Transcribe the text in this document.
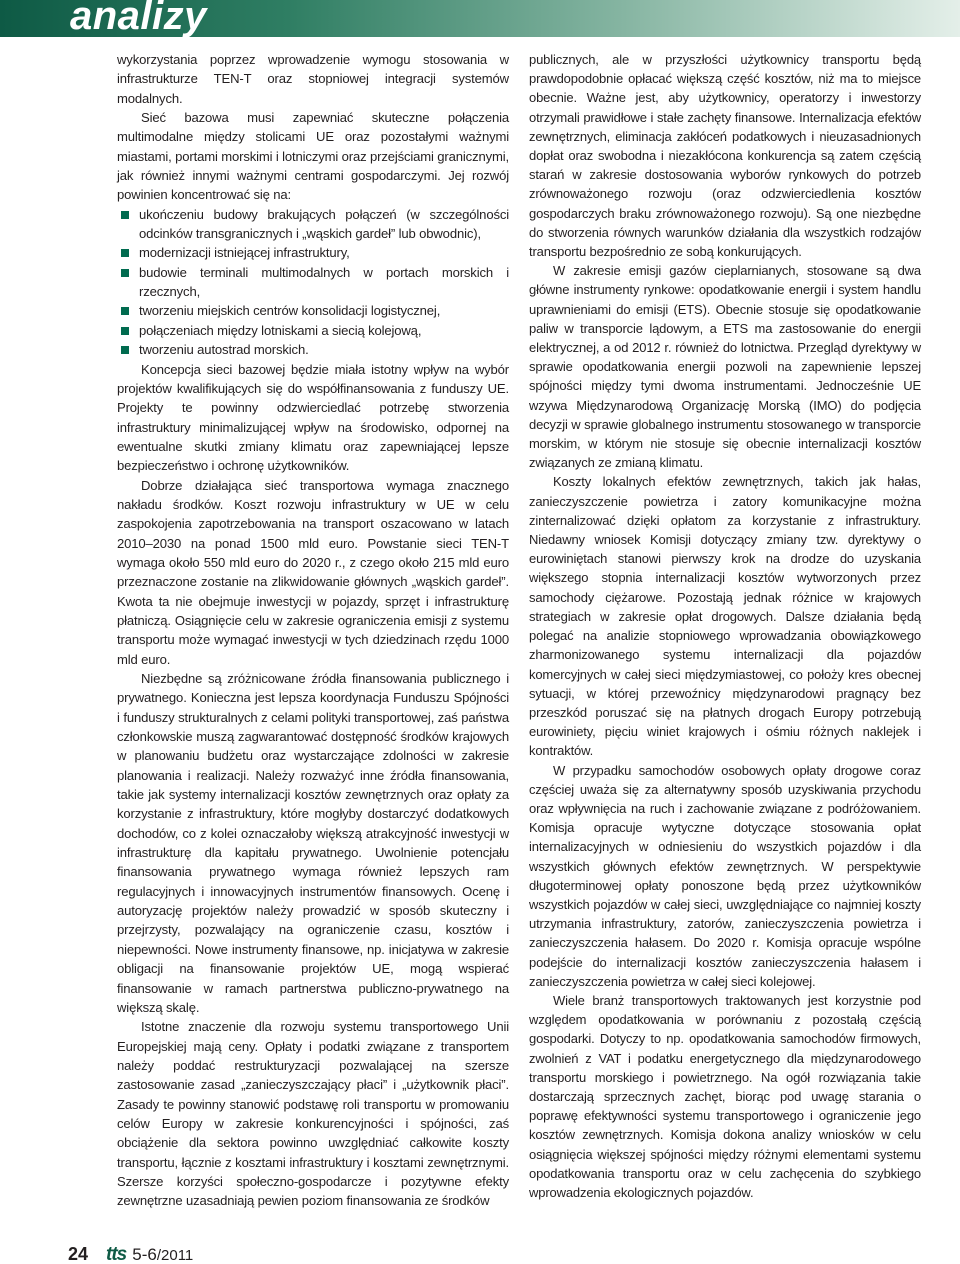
analizy

wykorzystania poprzez wprowadzenie wymogu stosowania w infrastrukturze TEN-T oraz stopniowej integracji systemów modalnych.

Sieć bazowa musi zapewniać skuteczne połączenia multimodalne między stolicami UE oraz pozostałymi ważnymi miastami, portami morskimi i lotniczymi oraz przejściami granicznymi, jak również innymi ważnymi centrami gospodarczymi. Jej rozwój powinien koncentrować się na:

ukończeniu budowy brakujących połączeń (w szczególności odcinków transgranicznych i „wąskich gardeł” lub obwodnic),
modernizacji istniejącej infrastruktury,
budowie terminali multimodalnych w portach morskich i rzecznych,
tworzeniu miejskich centrów konsolidacji logistycznej,
połączeniach między lotniskami a siecią kolejową,
tworzeniu autostrad morskich.

Koncepcja sieci bazowej będzie miała istotny wpływ na wybór projektów kwalifikujących się do współfinansowania z funduszy UE. Projekty te powinny odzwierciedlać potrzebę stworzenia infrastruktury minimalizującej wpływ na środowisko, odpornej na ewentualne skutki zmiany klimatu oraz zapewniającej lepsze bezpieczeństwo i ochronę użytkowników.

Dobrze działająca sieć transportowa wymaga znacznego nakładu środków. Koszt rozwoju infrastruktury w UE w celu zaspokojenia zapotrzebowania na transport oszacowano w latach 2010–2030 na ponad 1500 mld euro. Powstanie sieci TEN-T wymaga około 550 mld euro do 2020 r., z czego około 215 mld euro przeznaczone zostanie na zlikwidowanie głównych „wąskich gardeł”. Kwota ta nie obejmuje inwestycji w pojazdy, sprzęt i infrastrukturę płatniczą. Osiągnięcie celu w zakresie ograniczenia emisji z systemu transportu może wymagać inwestycji w tych dziedzinach rzędu 1000 mld euro.

Niezbędne są zróżnicowane źródła finansowania publicznego i prywatnego. Konieczna jest lepsza koordynacja Funduszu Spójności i funduszy strukturalnych z celami polityki transportowej, zaś państwa członkowskie muszą zagwarantować dostępność środków krajowych w planowaniu budżetu oraz wystarczające zdolności w zakresie planowania i realizacji. Należy rozważyć inne źródła finansowania, takie jak systemy internalizacji kosztów zewnętrznych oraz opłaty za korzystanie z infrastruktury, które mogłyby dostarczyć dodatkowych dochodów, co z kolei oznaczałoby większą atrakcyjność inwestycji w infrastrukturę dla kapitału prywatnego. Uwolnienie potencjału finansowania prywatnego wymaga również lepszych ram regulacyjnych i innowacyjnych instrumentów finansowych. Ocenę i autoryzację projektów należy prowadzić w sposób skuteczny i przejrzysty, pozwalający na ograniczenie czasu, kosztów i niepewności. Nowe instrumenty finansowe, np. inicjatywa w zakresie obligacji na finansowanie projektów UE, mogą wspierać finansowanie w ramach partnerstwa publiczno-prywatnego na większą skalę.

Istotne znaczenie dla rozwoju systemu transportowego Unii Europejskiej mają ceny. Opłaty i podatki związane z transportem należy poddać restrukturyzacji pozwalającej na szersze zastosowanie zasad „zanieczyszczający płaci” i „użytkownik płaci”. Zasady te powinny stanowić podstawę roli transportu w promowaniu celów Europy w zakresie konkurencyjności i spójności, zaś obciążenie dla sektora powinno uwzględniać całkowite koszty transportu, łącznie z kosztami infrastruktury i kosztami zewnętrznymi. Szersze korzyści społeczno-gospodarcze i pozytywne efekty zewnętrzne uzasadniają pewien poziom finansowania ze środków

publicznych, ale w przyszłości użytkownicy transportu będą prawdopodobnie opłacać większą część kosztów, niż ma to miejsce obecnie. Ważne jest, aby użytkownicy, operatorzy i inwestorzy otrzymali prawidłowe i stałe zachęty finansowe. Internalizacja efektów zewnętrznych, eliminacja zakłóceń podatkowych i nieuzasadnionych dopłat oraz swobodna i niezakłócona konkurencja są zatem częścią starań w zakresie dostosowania wyborów rynkowych do potrzeb zrównoważonego rozwoju (oraz odzwierciedlenia kosztów gospodarczych braku zrównoważonego rozwoju). Są one niezbędne do stworzenia równych warunków działania dla wszystkich rodzajów transportu bezpośrednio ze sobą konkurujących.

W zakresie emisji gazów cieplarnianych, stosowane są dwa główne instrumenty rynkowe: opodatkowanie energii i system handlu uprawnieniami do emisji (ETS). Obecnie stosuje się opodatkowanie paliw w transporcie lądowym, a ETS ma zastosowanie do energii elektrycznej, a od 2012 r. również do lotnictwa. Przegląd dyrektywy w sprawie opodatkowania energii pozwoli na zapewnienie lepszej spójności między tymi dwoma instrumentami. Jednocześnie UE wzywa Międzynarodową Organizację Morską (IMO) do podjęcia decyzji w sprawie globalnego instrumentu stosowanego w transporcie morskim, w którym nie stosuje się obecnie internalizacji kosztów związanych ze zmianą klimatu.

Koszty lokalnych efektów zewnętrznych, takich jak hałas, zanieczyszczenie powietrza i zatory komunikacyjne można zinternalizować dzięki opłatom za korzystanie z infrastruktury. Niedawny wniosek Komisji dotyczący zmiany tzw. dyrektywy o eurowiniętach stanowi pierwszy krok na drodze do uzyskania większego stopnia internalizacji kosztów wytworzonych przez samochody ciężarowe. Pozostają jednak różnice w krajowych strategiach w zakresie opłat drogowych. Dalsze działania będą polegać na analizie stopniowego wprowadzania obowiązkowego zharmonizowanego systemu internalizacji dla pojazdów komercyjnych w całej sieci międzymiastowej, co położy kres obecnej sytuacji, w której przewoźnicy międzynarodowi pragnący bez przeszkód poruszać się na płatnych drogach Europy potrzebują eurowiniety, pięciu winiet krajowych i ośmiu różnych naklejek i kontraktów.

W przypadku samochodów osobowych opłaty drogowe coraz częściej uważa się za alternatywny sposób uzyskiwania przychodu oraz wpływnięcia na ruch i zachowanie związane z podróżowaniem. Komisja opracuje wytyczne dotyczące stosowania opłat internalizacyjnych w odniesieniu do wszystkich pojazdów i dla wszystkich głównych efektów zewnętrznych. W perspektywie długoterminowej opłaty ponoszone będą przez użytkowników wszystkich pojazdów w całej sieci, uwzględniające co najmniej koszty utrzymania infrastruktury, zatorów, zanieczyszczenia powietrza i zanieczyszczenia hałasem. Do 2020 r. Komisja opracuje wspólne podejście do internalizacji kosztów zanieczyszczenia hałasem i zanieczyszczenia powietrza w całej sieci kolejowej.

Wiele branż transportowych traktowanych jest korzystnie pod względem opodatkowania w porównaniu z pozostałą częścią gospodarki. Dotyczy to np. opodatkowania samochodów firmowych, zwolnień z VAT i podatku energetycznego dla międzynarodowego transportu morskiego i powietrznego. Na ogół rozwiązania takie dostarczają sprzecznych zachęt, biorąc pod uwagę starania o poprawę efektywności systemu transportowego i ograniczenie jego kosztów zewnętrznych. Komisja dokona analizy wniosków w celu osiągnięcia większej spójności między różnymi elementami systemu opodatkowania transportu oraz w celu zachęcenia do szybkiego wprowadzenia ekologicznych pojazdów.

24 tts 5-6/2011
